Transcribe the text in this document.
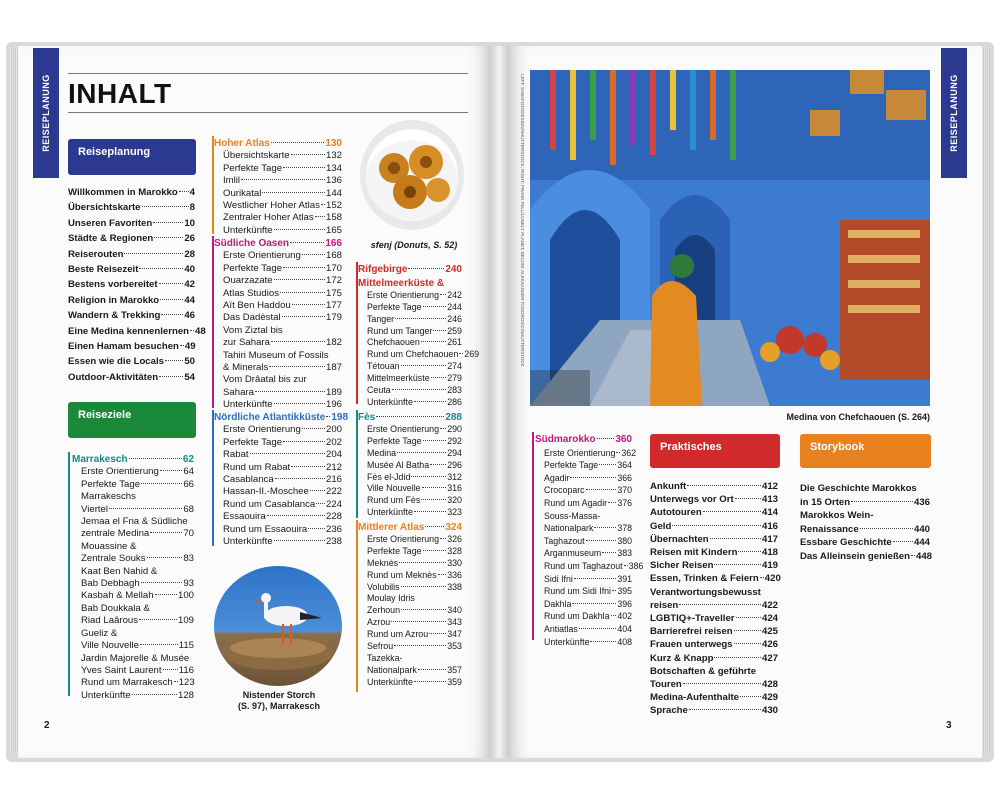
REISEPLANUNG INHALT
Reiseplanung
Willkommen in Marokko 4
Übersichtskarte	8
Unseren Favoriten	10
Städte & Regionen	26
Reiserouten	28
Beste Reisezeit	40
Bestens vorbereitet	42
Religion in Marokko	44
Wandern & Trekking 46
Eine Medina kennenlernen 48
Einen Hamam besuchen 49
Essen wie die Locals 50
Outdoor-Aktivitäten	54
Reiseziele
Marrakesch	62
Erste Orientierung	64
Perfekte Tage	66
Marrakeschs
Viertel	68
Jemaa el Fna & Südliche
zentrale Medina	70
Mouassine &
Zentrale Souks	83
Kaat Ben Nahid &
Bab Debbagh	93
Kasbah & Mellah	100
Bab Doukkala &
Riad Laârous	109
Gueliz &
Ville Nouvelle	115
Jardin Majorelle & Musée
Yves Saint Laurent 116
Rund um Marrakesch 123
Unterkünfte	128
Hoher Atlas	130
Übersichtskarte	132
Perfekte Tage	134
Imlil	136
Ourikatal	144
Westlicher Hoher Atlas 152
Zentraler Hoher Atlas 158
Unterkünfte	165
Südliche Oasen	166
Erste Orientierung	168
Perfekte Tage	170
Ouarzazate	172
Atlas Studios	175
Aït Ben Haddou	177
Das Dadèstal	179
Vom Ziztal bis
zur Sahara	182
Tahiri Museum of Fossils
& Minerals	187
Vom Drâatal bis zur
Sahara	189
Unterkünfte	196
Nördliche Atlantikküste 198
Erste Orientierung	200
Perfekte Tage	202
Rabat	204
Rund um Rabat	212
Casablanca	216
Hassan-II.-Moschee 222
Rund um Casablanca 224
Essaouira	228
Rund um Essaouira 236
Unterkünfte	238
sfenj (Donuts, S. 52)
Rifgebirge	240
Mittelmeerküste &
Erste Orientierung 242
Perfekte Tage	244
Tanger	246
Rund um Tanger 259
Chefchaouen	261
Rund um Chefchaouen 269
Tétouan	274
Mittelmeerküste 279
Ceuta	283
Unterkünfte	286
Fès	288
Erste Orientierung 290
Perfekte Tage	292
Medina	294
Musée Al Batha 296
Fès el-Jdid	312
Ville Nouvelle	316
Rund um Fès	320
Unterkünfte	323
Mittlerer Atlas 324
Erste Orientierung 326
Perfekte Tage	328
Meknès	330
Rund um Meknès 336
Volubilis	338
Moulay Idris
Zerhoun	340
Azrou	343
Rund um Azrou 347
Sefrou	353
Tazekka-
Nationalpark	357
Unterkünfte	359
Nistender Storch
(S. 97), Marrakesch
2
REISEPLANUNG
LEFT: SABAFOTODESIGN/SHUTTERSTOCK; RIGHT: FRANK FELL/LONELY PLANET; BELOW: ALEKSANDER TODOROVIC/SHUTTERSTOCK
Medina von Chefchaouen (S. 264)
Südmarokko 360
Erste Orientierung 362
Perfekte Tage 364
Agadir	366
Crocoparc	370
Rund um Agadir 376
Souss-Massa-
Nationalpark	378
Taghazout	380
Arganmuseum 383
Rund um Taghazout 386
Sidi Ifni	391
Rund um Sidi Ifni 395
Dakhla	396
Rund um Dakhla 402
Antiatlas	404
Unterkünfte	408
Praktisches
Ankunft	412
Unterwegs vor Ort	413
Autotouren	414
Geld	416
Übernachten	417
Reisen mit Kindern	418
Sicher Reisen	419
Essen, Trinken & Feiern 420
Verantwortungsbewusst
reisen	422
LGBTIQ+-Traveller	424
Barrierefrei reisen	425
Frauen unterwegs	426
Kurz & Knapp	427
Botschaften & geführte
Touren	428
Medina-Aufenthalte 429
Sprache	430
Storybook
Die Geschichte Marokkos
in 15 Orten	436
Marokkos Wein-
Renaissance	440
Essbare Geschichte 444
Das Alleinsein genießen 448
3
